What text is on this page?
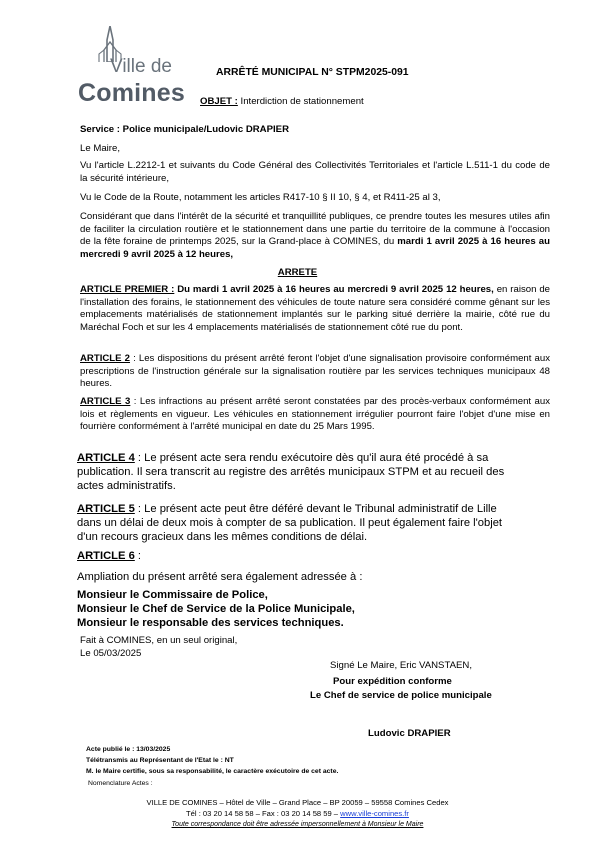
Ville de
Comines
ARRÊTÉ MUNICIPAL N° STPM2025-091
OBJET : Interdiction de stationnement
Service : Police municipale/Ludovic DRAPIER
Le Maire,
Vu l'article L.2212-1 et suivants du Code Général des Collectivités Territoriales et l'article L.511-1 du code de la sécurité intérieure,
Vu le Code de la Route, notamment les articles R417-10 § II 10, § 4, et R411-25 al 3,
Considérant que dans l'intérêt de la sécurité et tranquillité publiques, ce prendre toutes les mesures utiles afin de faciliter la circulation routière et le stationnement dans une partie du territoire de la commune à l'occasion de la fête foraine de printemps 2025, sur la Grand-place à COMINES, du mardi 1 avril 2025 à 16 heures au mercredi 9 avril 2025 à 12 heures,
ARRETE
ARTICLE PREMIER : Du mardi 1 avril 2025 à 16 heures au mercredi 9 avril 2025 12 heures, en raison de l'installation des forains, le stationnement des véhicules de toute nature sera considéré comme gênant sur les emplacements matérialisés de stationnement implantés sur le parking situé derrière la mairie, côté rue du Maréchal Foch et sur les 4 emplacements matérialisés de stationnement côté rue du pont.
ARTICLE 2 : Les dispositions du présent arrêté feront l'objet d'une signalisation provisoire conformément aux prescriptions de l'instruction générale sur la signalisation routière par les services techniques municipaux 48 heures.
ARTICLE 3 : Les infractions au présent arrêté seront constatées par des procès-verbaux conformément aux lois et règlements en vigueur. Les véhicules en stationnement irrégulier pourront faire l'objet d'une mise en fourrière conformément à l'arrêté municipal en date du 25 Mars 1995.
ARTICLE 4 : Le présent acte sera rendu exécutoire dès qu'il aura été procédé à sa publication. Il sera transcrit au registre des arrêtés municipaux STPM et au recueil des actes administratifs.
ARTICLE 5 : Le présent acte peut être déféré devant le Tribunal administratif de Lille dans un délai de deux mois à compter de sa publication. Il peut également faire l'objet d'un recours gracieux dans les mêmes conditions de délai.
ARTICLE 6 :
Ampliation du présent arrêté sera également adressée à :
Monsieur le Commissaire de Police,
Monsieur le Chef de Service de la Police Municipale,
Monsieur le responsable des services techniques.
Fait à COMINES, en un seul original,
Le 05/03/2025
Signé Le Maire, Eric VANSTAEN,
Pour expédition conforme
Le Chef de service de police municipale
Ludovic DRAPIER
Acte publié le : 13/03/2025
Télétransmis au Représentant de l'Etat le : NT
M. le Maire certifie, sous sa responsabilité, le caractère exécutoire de cet acte.
Nomenclature Actes :
VILLE DE COMINES – Hôtel de Ville – Grand Place – BP 20059 – 59558 Comines Cedex
Tél : 03 20 14 58 58 – Fax : 03 20 14 58 59 – www.ville-comines.fr
Toute correspondance doit être adressée impersonnellement à Monsieur le Maire
